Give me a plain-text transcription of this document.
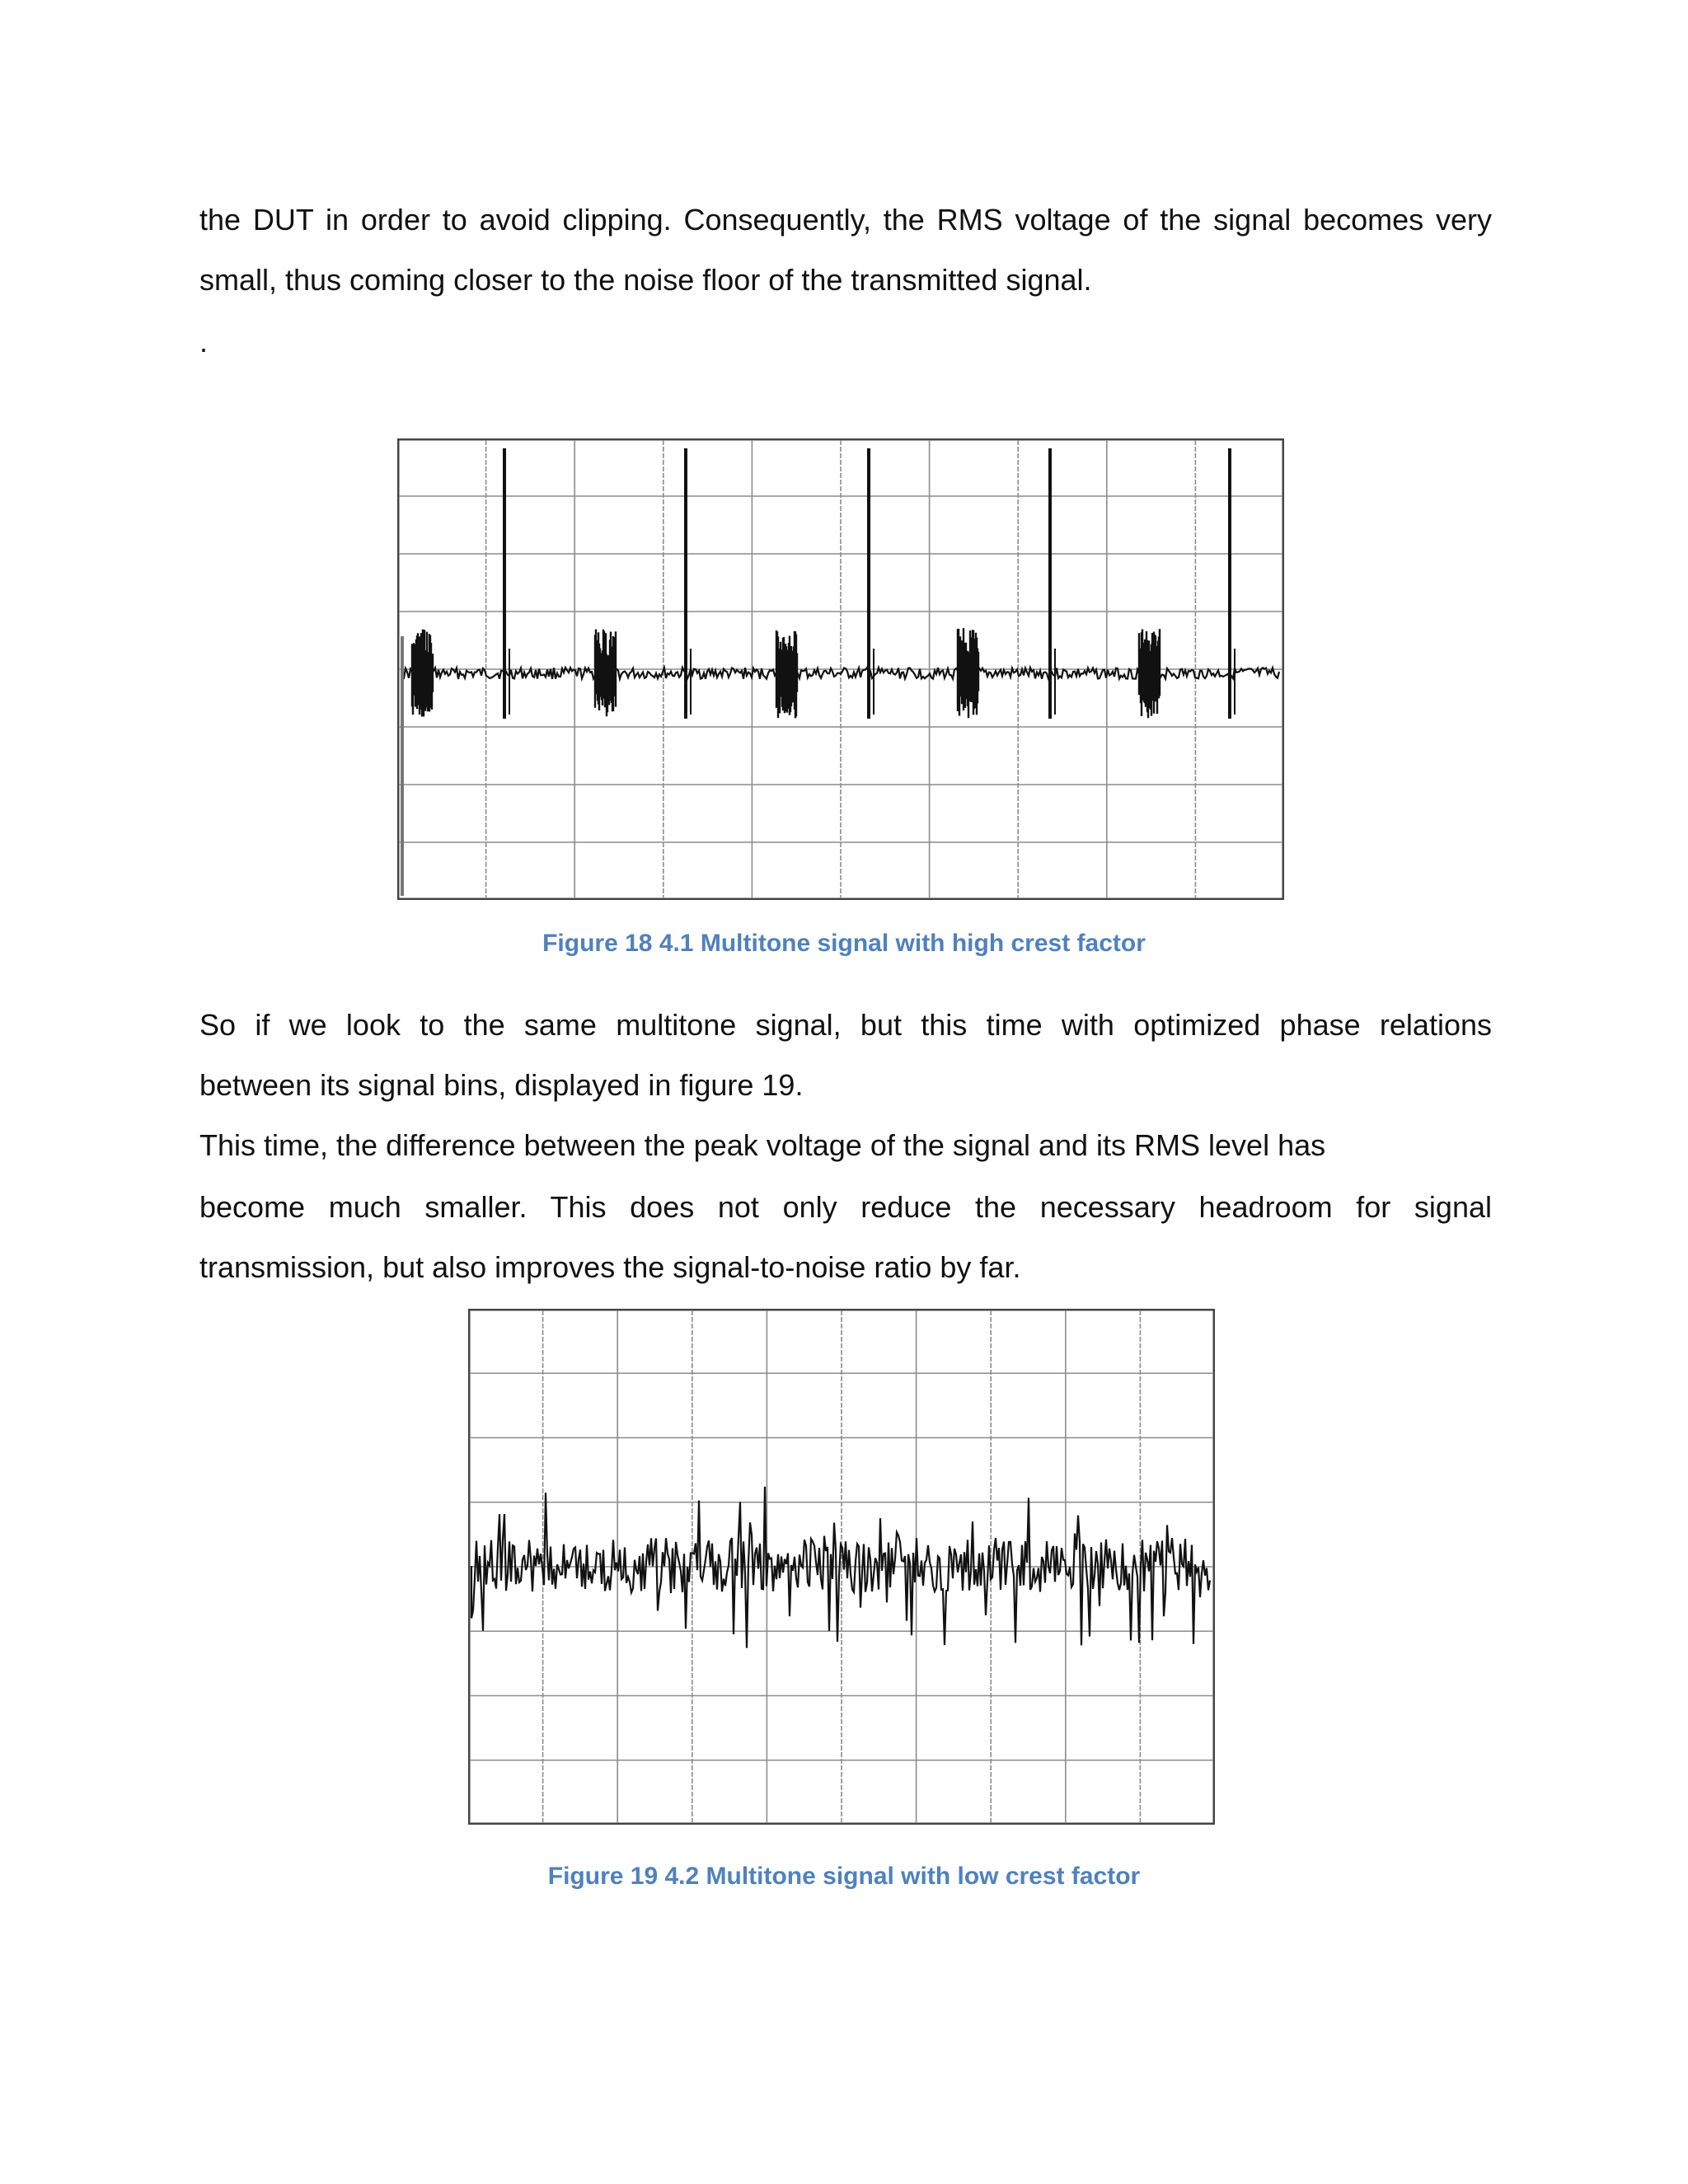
the DUT in order to avoid clipping. Consequently, the RMS voltage of the signal becomes very

small, thus coming closer to the noise floor of the transmitted signal.

.

Figure 18 4.1 Multitone signal with high crest factor

So if we look to the same multitone signal, but this time with optimized phase relations

between its signal bins, displayed in figure 19.

This time, the difference between the peak voltage of the signal and its RMS level has

become much smaller. This does not only reduce the necessary headroom for signal

transmission, but also improves the signal-to-noise ratio by far.

Figure 19 4.2 Multitone signal with low crest factor
